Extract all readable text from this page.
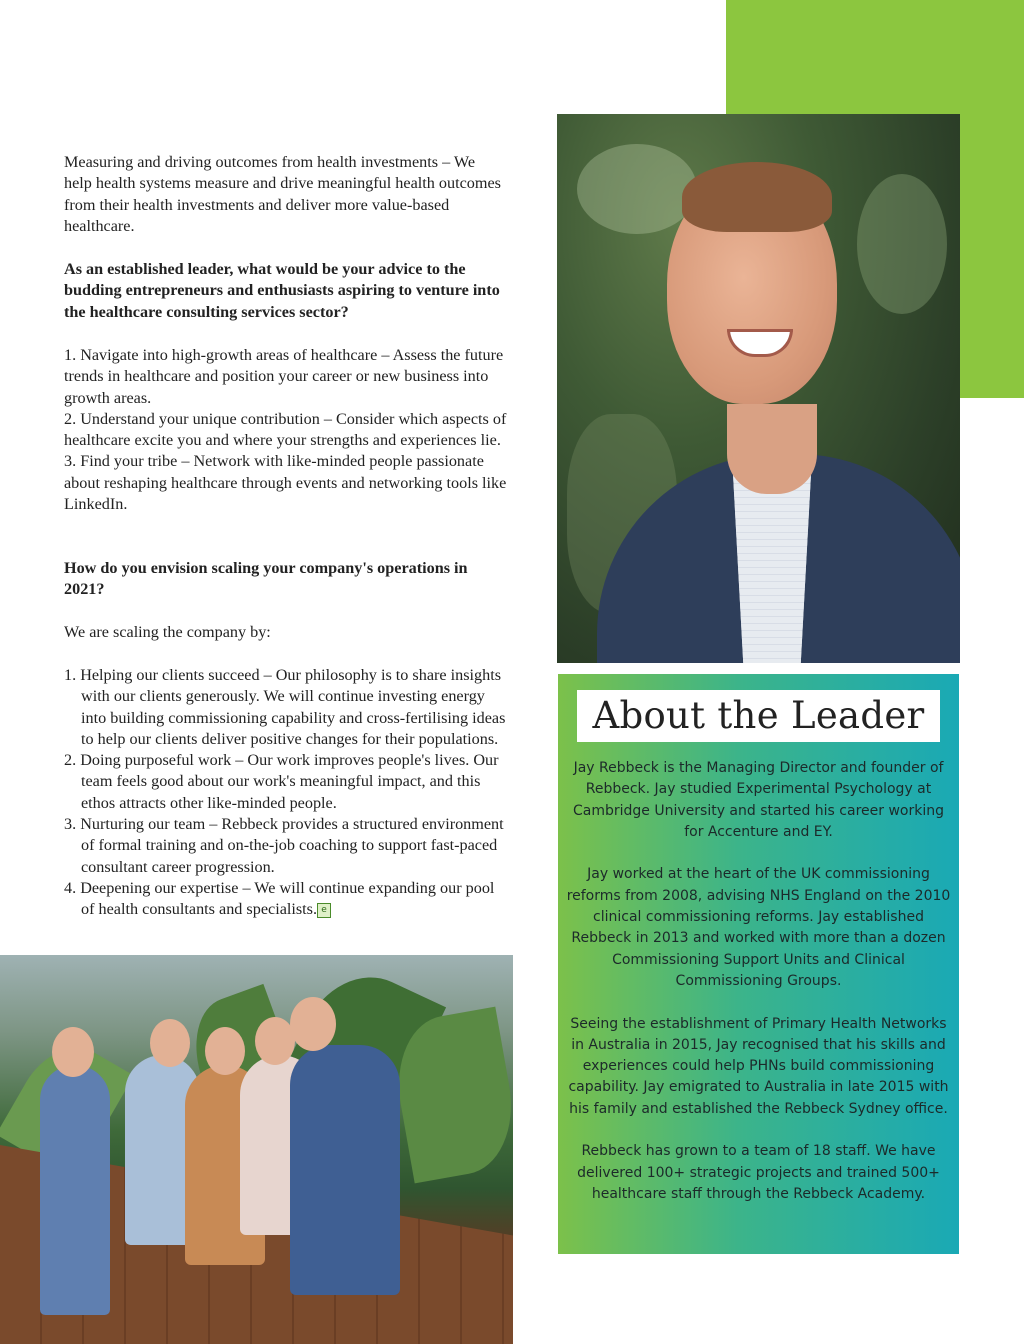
Measuring and driving outcomes from health investments – We help health systems measure and drive meaningful health outcomes from their health investments and deliver more value-based healthcare.

As an established leader, what would be your advice to the budding entrepreneurs and enthusiasts aspiring to venture into the healthcare consulting services sector?

1. Navigate into high-growth areas of healthcare – Assess the future trends in healthcare and position your career or new business into growth areas.

2. Understand your unique contribution – Consider which aspects of healthcare excite you and where your strengths and experiences lie.

3. Find your tribe – Network with like-minded people passionate about reshaping healthcare through events and networking tools like LinkedIn.

How do you envision scaling your company's operations in 2021?

We are scaling the company by:

1. Helping our clients succeed – Our philosophy is to share insights with our clients generously. We will continue investing energy into building commissioning capability and cross-fertilising ideas to help our clients deliver positive changes for their populations.

2. Doing purposeful work – Our work improves people's lives. Our team feels good about our work's meaningful impact, and this ethos attracts other like-minded people.

3. Nurturing our team – Rebbeck provides a structured environment of formal training and on-the-job coaching to support fast-paced consultant career progression.

4. Deepening our expertise – We will continue expanding our pool of health consultants and specialists. e

About the Leader

Jay Rebbeck is the Managing Director and founder of Rebbeck. Jay studied Experimental Psychology at Cambridge University and started his career working for Accenture and EY.

Jay worked at the heart of the UK commissioning reforms from 2008, advising NHS England on the 2010 clinical commissioning reforms. Jay established Rebbeck in 2013 and worked with more than a dozen Commissioning Support Units and Clinical Commissioning Groups.

Seeing the establishment of Primary Health Networks in Australia in 2015, Jay recognised that his skills and experiences could help PHNs build commissioning capability. Jay emigrated to Australia in late 2015 with his family and established the Rebbeck Sydney office.

Rebbeck has grown to a team of 18 staff. We have delivered 100+ strategic projects and trained 500+ healthcare staff through the Rebbeck Academy.
